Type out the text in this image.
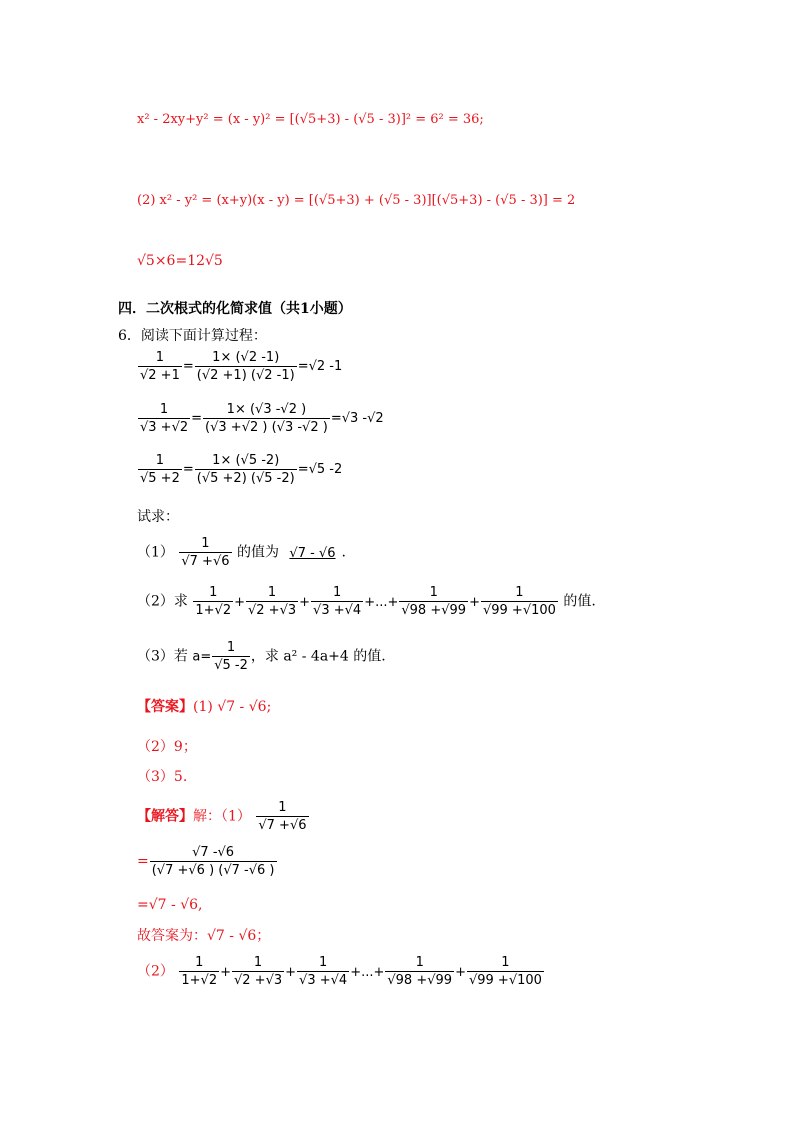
x² - 2xy+y² = (x - y)² = [(√5+3) - (√5 - 3)]² = 6² = 36;
(2) x² - y² = (x+y)(x - y) = [(√5+3) + (√5 - 3)][(√5+3) - (√5 - 3)] = 2
√5×6=12√5
四．二次根式的化简求值（共1小题）
6．阅读下面计算过程：
$\frac{1}{√2 +1} = \frac{1\times (√2 -1)}{(√2 +1) (√2 -1)} =√2$ -1
$\frac{1}{√3 +√2} = \frac{1\times (√3 -√2 )}{(√3 +√2 ) (√3 -√2 )} =√3$ -√2
$\frac{1}{√5 +2} = \frac{1\times (√5 -2)}{(√5 +2) (√5 -2)} =√5$ -2
试求：
$(1) \frac{1}{√7 +√6}$ 的值为 √7 - √6 .
（2）求 $\frac{1}{1+√2} + \frac{1}{√2 +√3} + \frac{1}{√3 +√4}$ +...+ $\frac{1}{√98 +√99} + \frac{1}{√99 +√100}$ 的值.
（3）若 $a= \frac{1}{√5 -2}$ ，求 a² - 4a+4 的值.
【答案】(1) √7 - √6;
（2）9；
（3）5.
【解答】解：$(1) \frac{1}{√7 +√6}$
= $\frac{√7 -√6}{(√7 +√6 ) (√7 -√6 )}$
=√7 - √6,
故答案为：√7 - √6；
$(2) \frac{1}{1+√2} + \frac{1}{√2 +√3} + \frac{1}{√3 +√4}$ +...+ $\frac{1}{√98 +√99} + \frac{1}{√99 +√100}$
